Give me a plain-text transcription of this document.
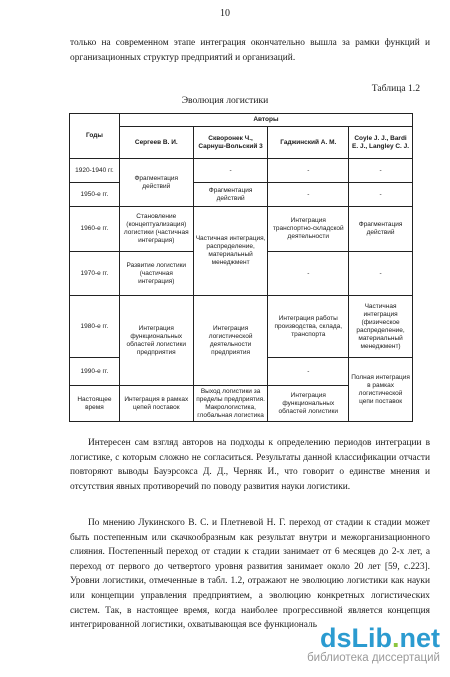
10
только на современном этапе интеграция окончательно вышла за рамки функций и организационных структур предприятий и организаций.
Таблица 1.2
Эволюция логистики
Годы	Авторы			
	Сергеев В. И.	Скворонек Ч., Сарнуш-Вольский 3	Гаджинский А. М.	Coyle J. J., Bardi E. J., Langley C. J.
1920-1940 гг.	Фрагментация действий	-	-	-
1950-е гг.		Фрагментация действий	-	-
1960-е гг.	Становление (концептуализация) логистики (частичная интеграция)	Частичная интеграция, распределение, материальный менеджмент	Интеграция транспортно-складской деятельности	Фрагментация действий
1970-е гг.	Развитие логистики (частичная интеграция)		-	-
1980-е гг.	Интеграция функциональных областей логистики предприятия	Интеграция логистической деятельности предприятия	Интеграция работы производства, склада, транспорта	Частичная интеграция (физическое распределение, материальный менеджмент)
1990-е гг.			-	Полная интеграция в рамках логистической цепи поставок
Настоящее время	Интеграция в рамках цепей поставок	Выход логистики за пределы предприятия. Макрологистика, глобальная логистика	Интеграция функциональных областей логистики	
Интересен сам взгляд авторов на подходы к определению периодов интеграции в логистике, с которым сложно не согласиться. Результаты данной классификации отчасти повторяют выводы Бауэрсокса Д. Д., Черняк И., что говорит о единстве мнения и отсутствия явных противоречий по поводу развития науки логистики.
По мнению Лукинского В. С. и Плетневой Н. Г. переход от стадии к стадии может быть постепенным или скачкообразным как результат внутри и межорганизационного слияния. Постепенный переход от стадии к стадии занимает от 6 месяцев до 2-х лет, а переход от первого до четвертого уровня развития занимает около 20 лет [59, с.223]. Уровни логистики, отмеченные в табл. 1.2, отражают не эволюцию логистики как науки или концепции управления предприятием, а эволюцию конкретных логистических систем. Так, в настоящее время, когда наиболее прогрессивной является концепция интегрированной логистики, охватывающая все функциональ dsLib.net
библиотека диссертаций
